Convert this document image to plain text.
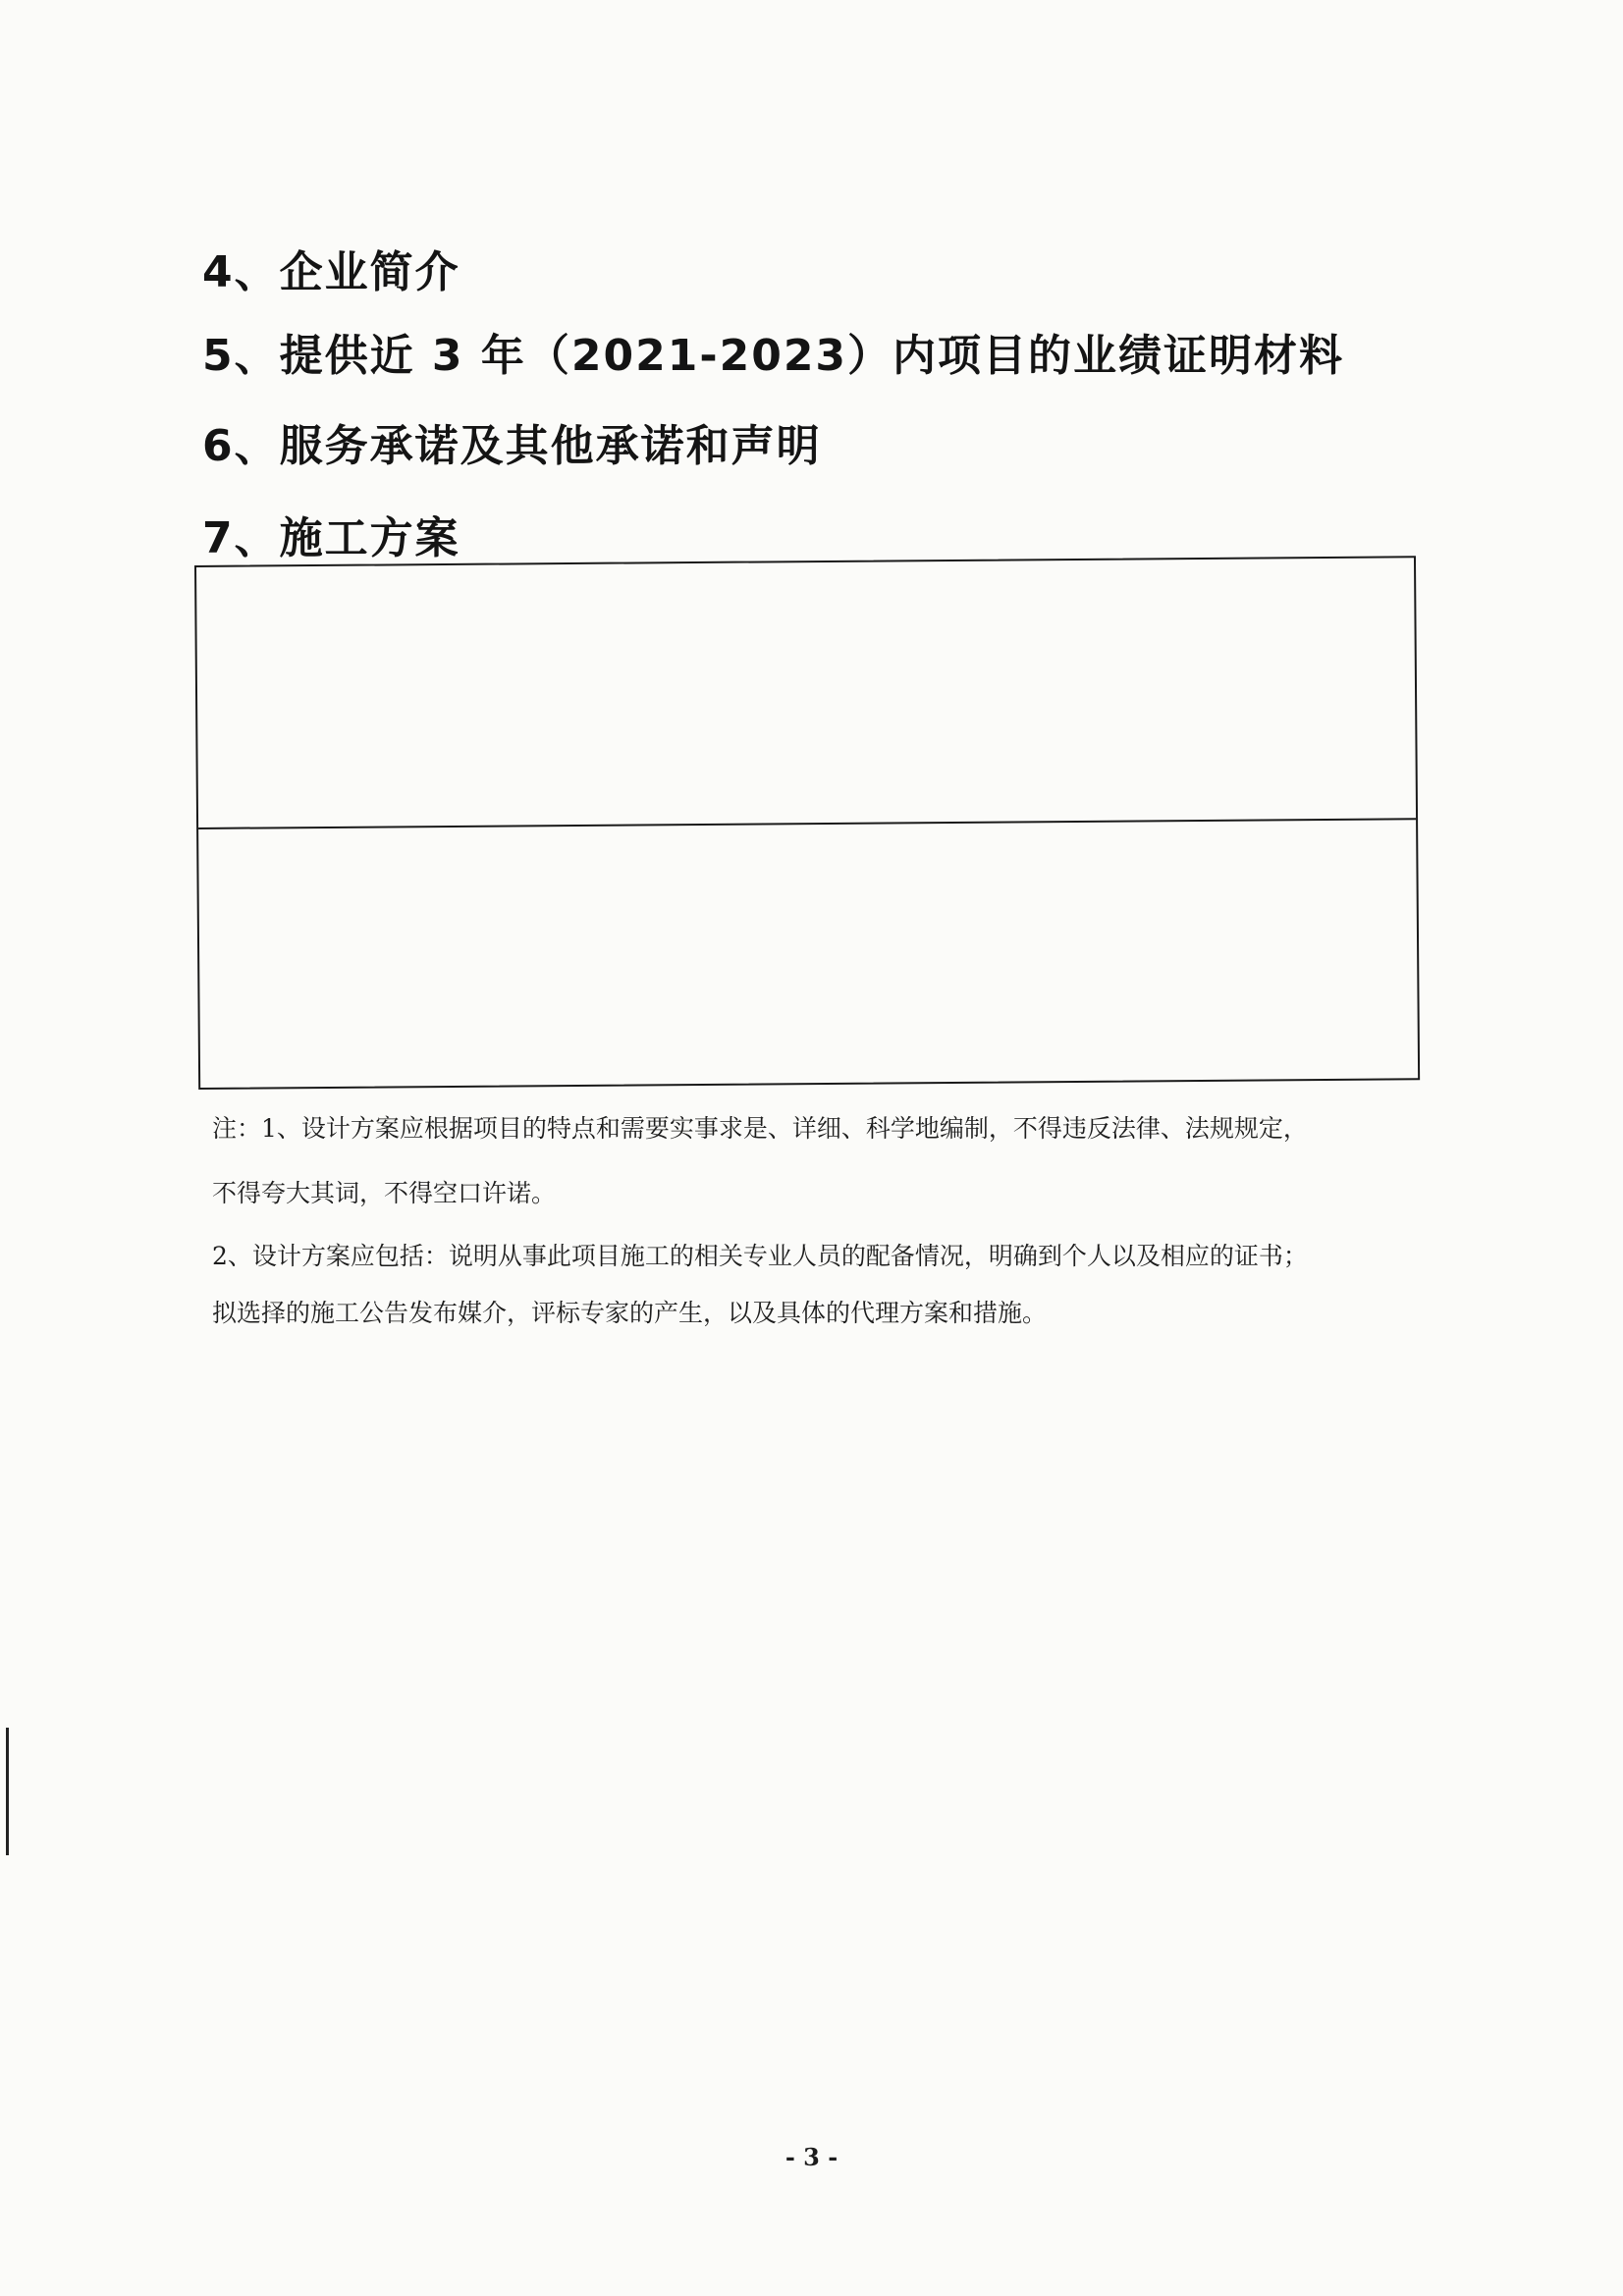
4、企业简介
5、提供近 3 年（2021-2023）内项目的业绩证明材料
6、服务承诺及其他承诺和声明
7、施工方案
注：1、设计方案应根据项目的特点和需要实事求是、详细、科学地编制，不得违反法律、法规规定，
不得夸大其词，不得空口许诺。
2、设计方案应包括：说明从事此项目施工的相关专业人员的配备情况，明确到个人以及相应的证书；
拟选择的施工公告发布媒介，评标专家的产生，以及具体的代理方案和措施。
- 3 -
